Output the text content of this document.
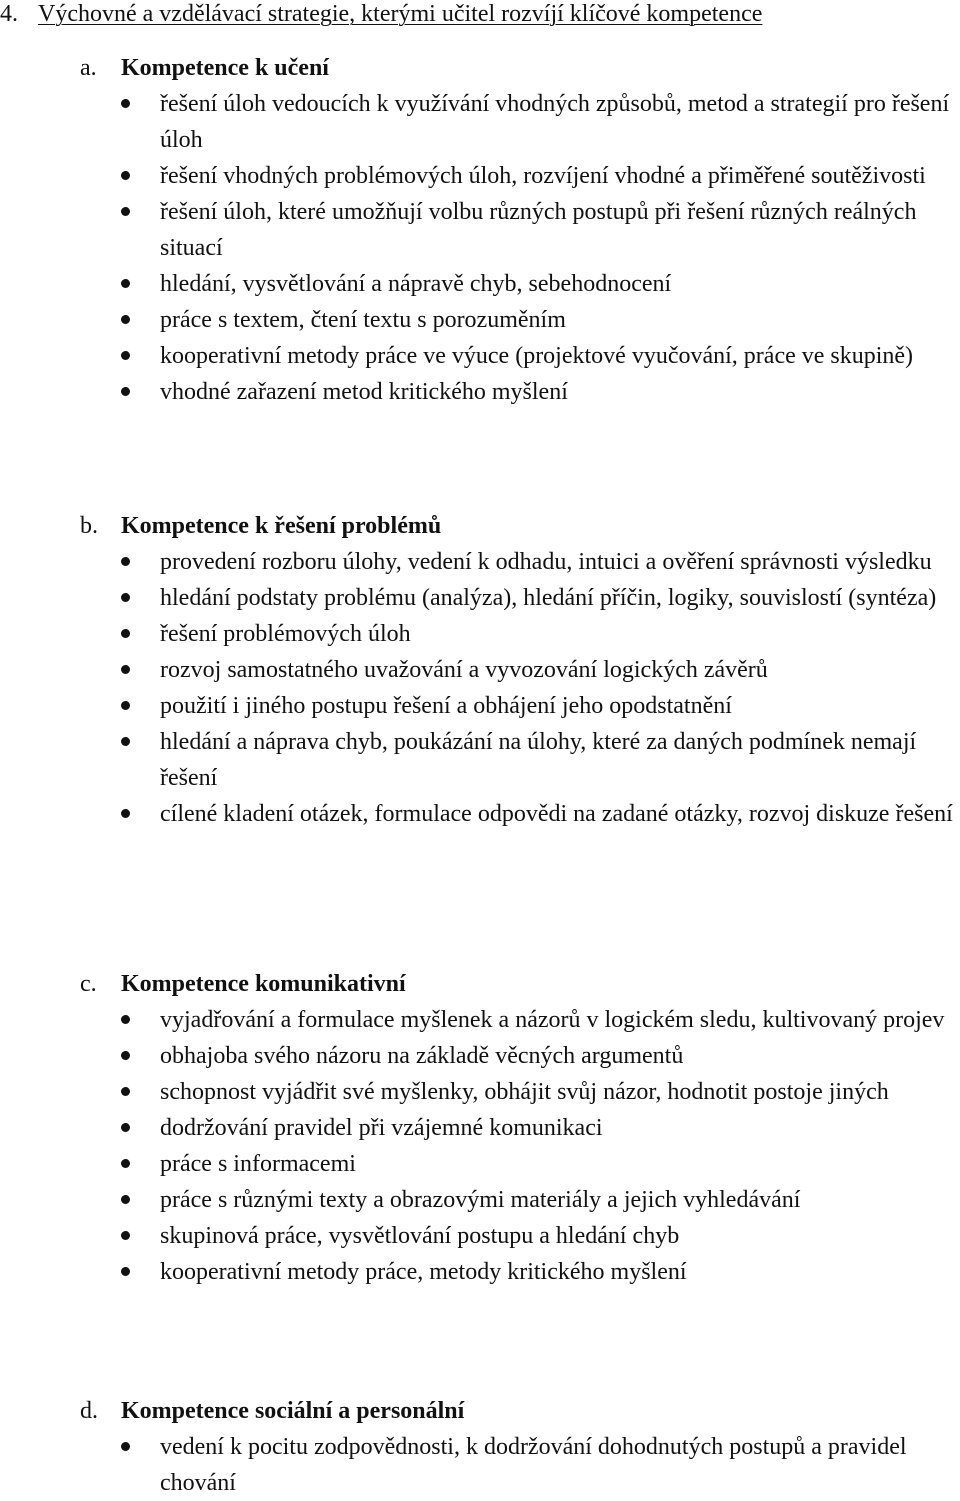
4. Výchovné a vzdělávací strategie, kterými učitel rozvíjí klíčové kompetence
a. Kompetence k učení
řešení úloh vedoucích k využívání vhodných způsobů, metod a strategií pro řešení úloh
řešení vhodných problémových úloh, rozvíjení vhodné a přiměřené soutěživosti
řešení úloh, které umožňují volbu různých postupů při řešení různých reálných situací
hledání, vysvětlování a nápravě chyb, sebehodnocení
práce s textem, čtení textu s porozuměním
kooperativní metody práce ve výuce (projektové vyučování, práce ve skupině)
vhodné zařazení metod kritického myšlení
b. Kompetence k řešení problémů
provedení rozboru úlohy, vedení k odhadu, intuici a ověření správnosti výsledku
hledání podstaty problému (analýza), hledání příčin, logiky, souvislostí (syntéza)
řešení problémových úloh
rozvoj samostatného uvažování a vyvozování logických závěrů
použití i jiného postupu řešení a obhájení jeho opodstatnění
hledání a náprava chyb, poukázání na úlohy, které za daných podmínek nemají řešení
cílené kladení otázek, formulace odpovědi na zadané otázky, rozvoj diskuze řešení
c. Kompetence komunikativní
vyjadřování a formulace myšlenek a názorů v logickém sledu, kultivovaný projev
obhajoba svého názoru na základě věcných argumentů
schopnost vyjádřit své myšlenky, obhájit svůj názor, hodnotit postoje jiných
dodržování pravidel při vzájemné komunikaci
práce s informacemi
práce s různými texty a obrazovými materiály a jejich vyhledávání
skupinová práce, vysvětlování postupu a hledání chyb
kooperativní metody práce, metody kritického myšlení
d. Kompetence sociální a personální
vedení k pocitu zodpovědnosti, k dodržování dohodnutých postupů a pravidel chování
